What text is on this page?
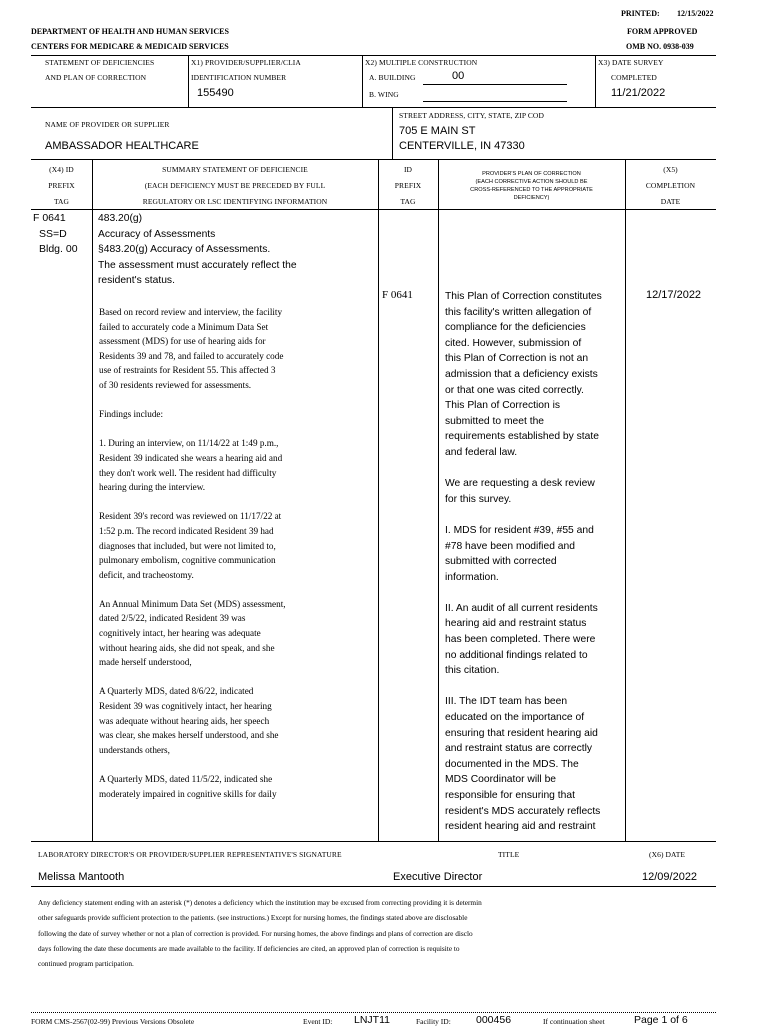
PRINTED: 12/15/2022
DEPARTMENT OF HEALTH AND HUMAN SERVICES
CENTERS FOR MEDICARE & MEDICAID SERVICES
FORM APPROVED
OMB NO. 0938-039
STATEMENT OF DEFICIENCIES
AND PLAN OF CORRECTION
X1) PROVIDER/SUPPLIER/CLIA
IDENTIFICATION NUMBER
155490
X2) MULTIPLE CONSTRUCTION
A. BUILDING	00
B. WING
X3) DATE SURVEY
COMPLETED
11/21/2022
NAME OF PROVIDER OR SUPPLIER
AMBASSADOR HEALTHCARE
STREET ADDRESS, CITY, STATE, ZIP COD
705 E MAIN ST
CENTERVILLE, IN 47330
(X4) ID
PREFIX
TAG
SUMMARY STATEMENT OF DEFICIENCIE
(EACH DEFICIENCY MUST BE PRECEDED BY FULL
REGULATORY OR LSC IDENTIFYING INFORMATION
ID
PREFIX
TAG
PROVIDER'S PLAN OF CORRECTION
(EACH CORRECTIVE ACTION SHOULD BE
CROSS-REFERENCED TO THE APPROPRIATE
DEFICIENCY)
(X5)
COMPLETION
DATE
F 0641
SS=D
Bldg. 00
483.20(g)
Accuracy of Assessments
§483.20(g) Accuracy of Assessments.
The assessment must accurately reflect the
resident's status.
Based on record review and interview, the facility
failed to accurately code a Minimum Data Set
assessment (MDS) for use of hearing aids for
Residents 39 and 78, and failed to accurately code
use of restraints for Resident 55. This affected 3
of 30 residents reviewed for assessments.
Findings include:
1. During an interview, on 11/14/22 at 1:49 p.m.,
Resident 39 indicated she wears a hearing aid and
they don't work well. The resident had difficulty
hearing during the interview.
Resident 39's record was reviewed on 11/17/22 at
1:52 p.m. The record indicated Resident 39 had
diagnoses that included, but were not limited to,
pulmonary embolism, cognitive communication
deficit, and tracheostomy.
An Annual Minimum Data Set (MDS) assessment,
dated 2/5/22, indicated Resident 39 was
cognitively intact, her hearing was adequate
without hearing aids, she did not speak, and she
made herself understood,
A Quarterly MDS, dated 8/6/22, indicated
Resident 39 was cognitively intact, her hearing
was adequate without hearing aids, her speech
was clear, she makes herself understood, and she
understands others,
A Quarterly MDS, dated 11/5/22, indicated she
moderately impaired in cognitive skills for daily
F 0641	This Plan of Correction constitutes
this facility's written allegation of
compliance for the deficiencies
cited. However, submission of
this Plan of Correction is not an
admission that a deficiency exists
or that one was cited correctly.
This Plan of Correction is
submitted to meet the
requirements established by state
and federal law.
We are requesting a desk review
for this survey.
I. MDS for resident #39, #55 and
#78 have been modified and
submitted with corrected
information.
II. An audit of all current residents
hearing aid and restraint status
has been completed. There were
no additional findings related to
this citation.
III. The IDT team has been
educated on the importance of
ensuring that resident hearing aid
and restraint status are correctly
documented in the MDS. The
MDS Coordinator will be
responsible for ensuring that
resident's MDS accurately reflects
resident hearing aid and restraint
12/17/2022
LABORATORY DIRECTOR'S OR PROVIDER/SUPPLIER REPRESENTATIVE'S SIGNATURE	TITLE	(X6) DATE
Melissa Mantooth	Executive Director	12/09/2022
Any deficiency statement ending with an asterisk (*) denotes a deficiency which the institution may be excused from correcting providing it is determin
other safeguards provide sufficient protection to the patients. (see instructions.) Except for nursing homes, the findings stated above are disclosable
following the date of survey whether or not a plan of correction is provided. For nursing homes, the above findings and plans of correction are disclo
days following the date these documents are made available to the facility. If deficiencies are cited, an approved plan of correction is requisite to
continued program participation.
FORM CMS-2567(02-99) Previous Versions Obsolete	Event ID: LNJT11	Facility ID: 000456	If continuation sheet	Page 1 of 6
